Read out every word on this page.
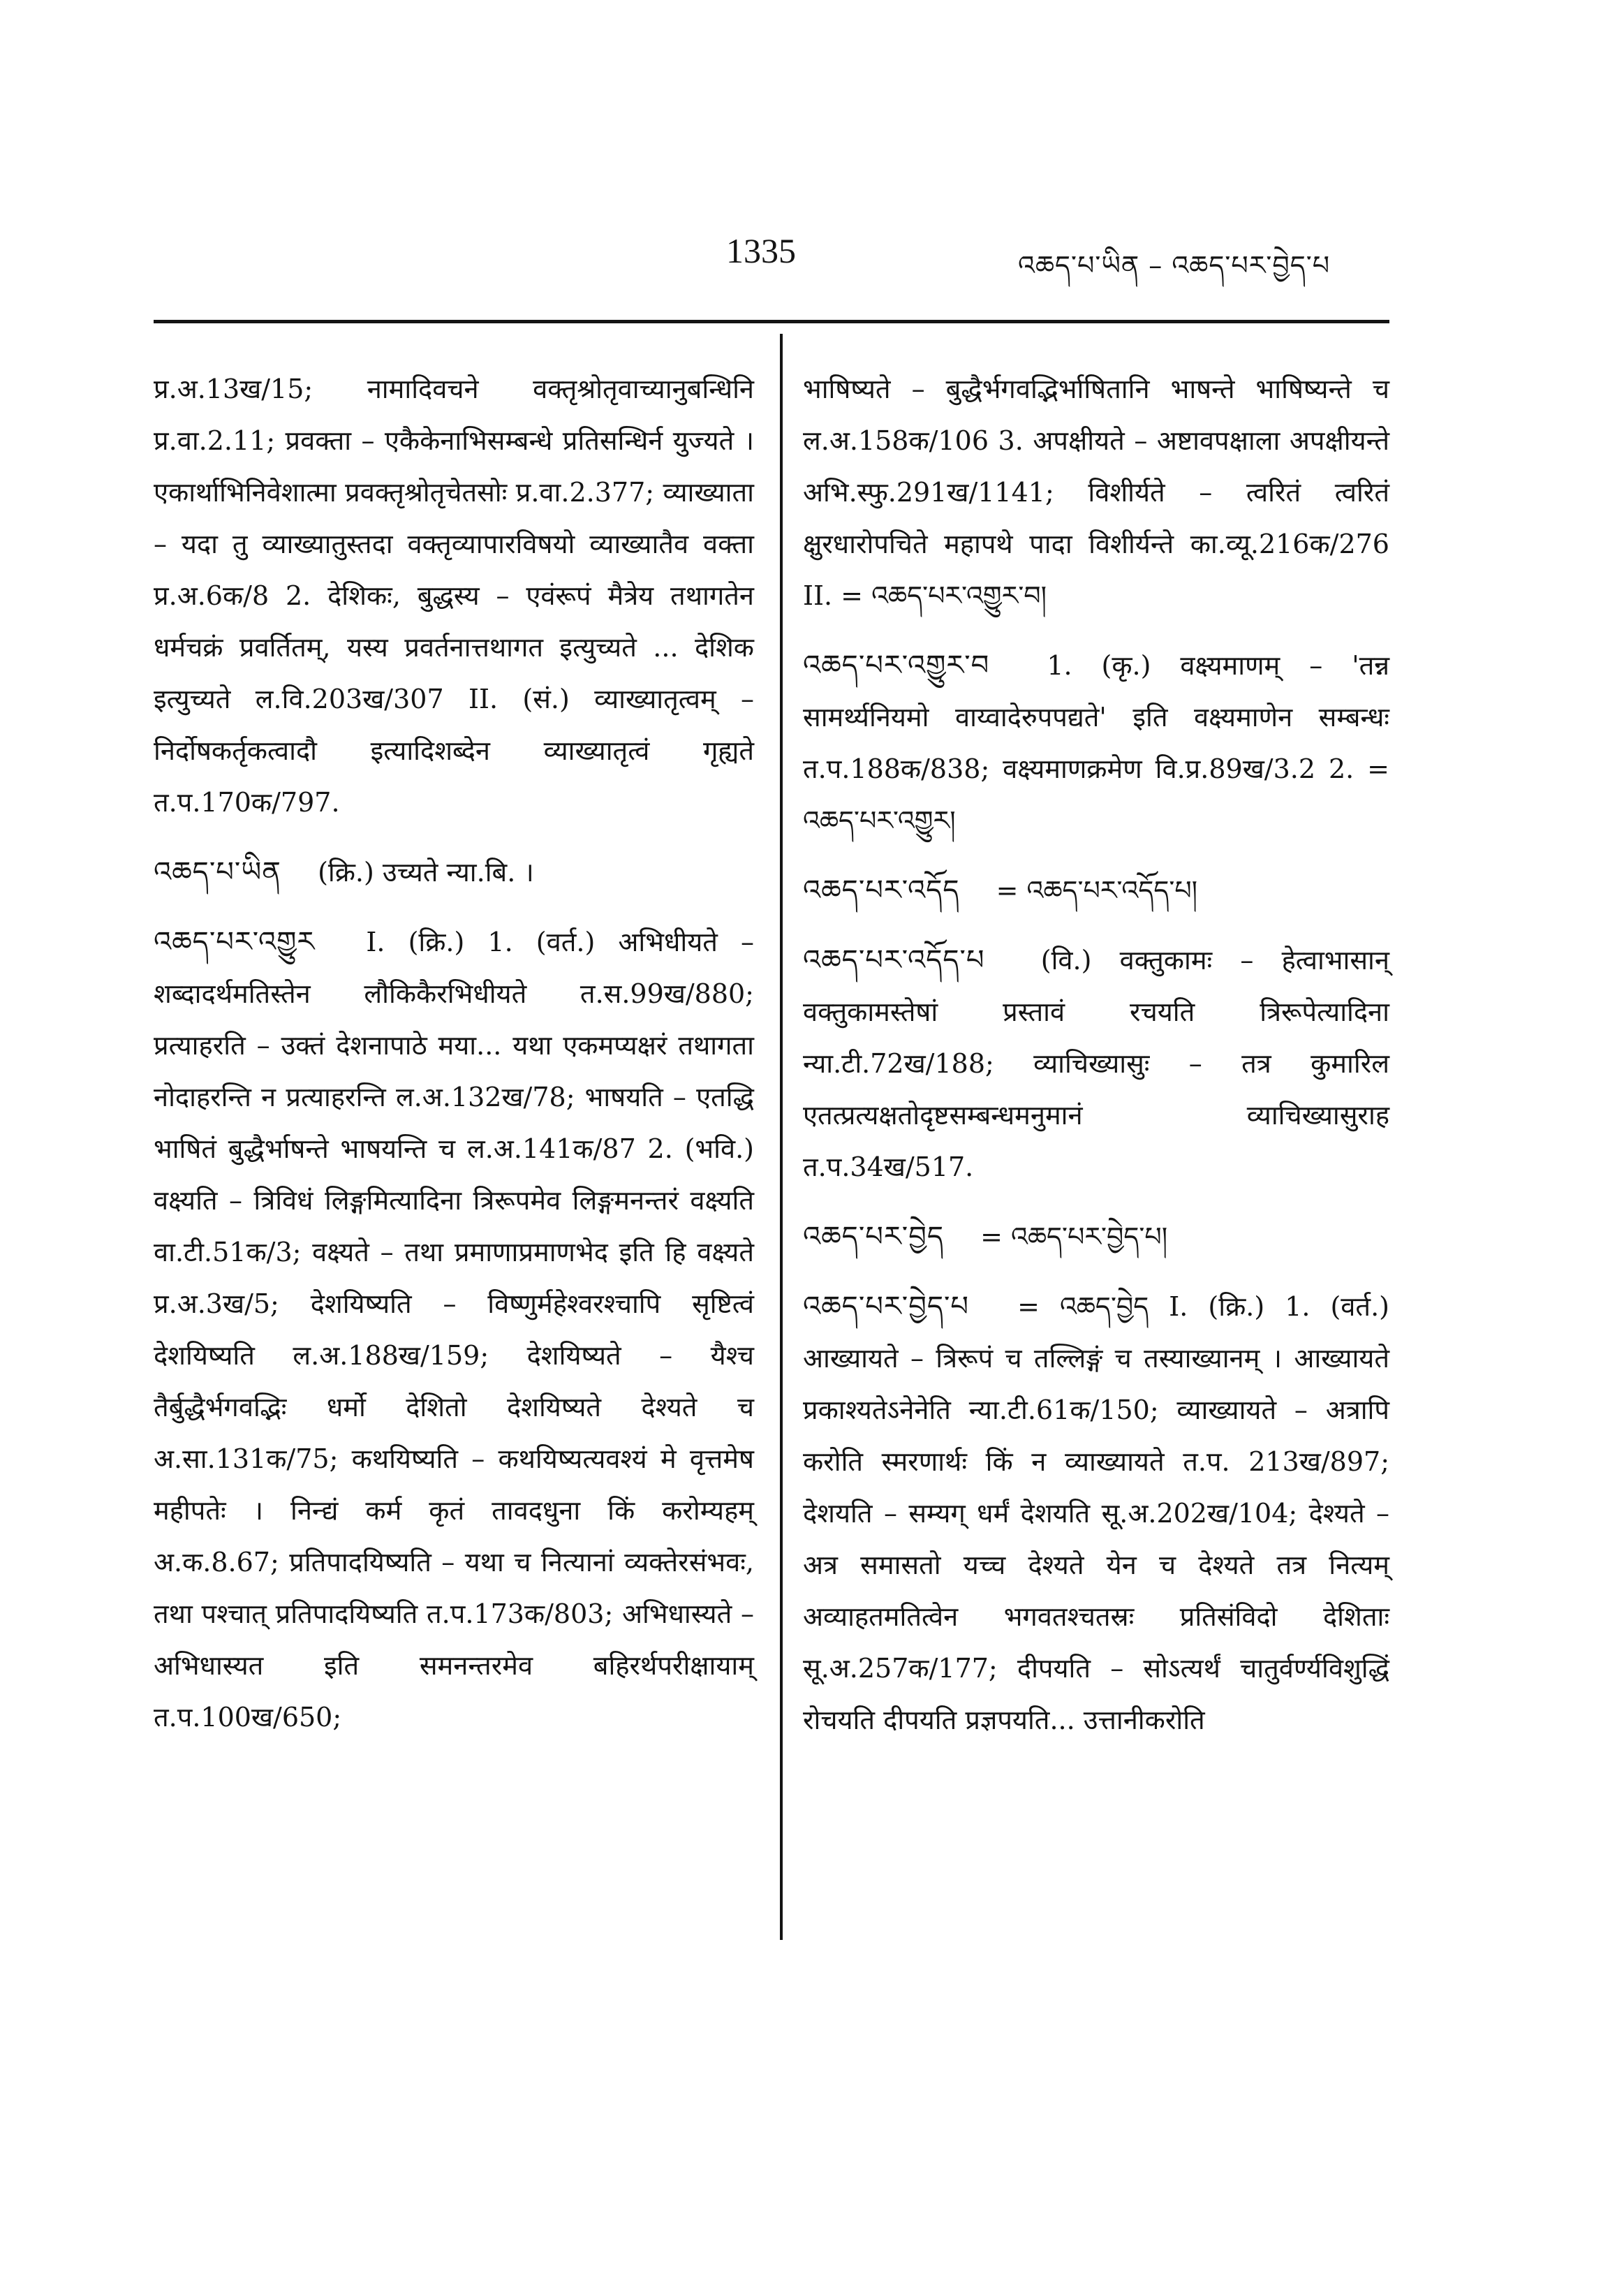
1335	འཆད་པ་ཡིན – འཆད་པར་བྱེད་པ
प्र.अ.13ख/15; नामादिवचने वक्तृश्रोतृवाच्यानुबन्धिनि प्र.वा.2.11; प्रवक्ता – एकैकेनाभिसम्बन्धे प्रतिसन्धिर्न युज्यते । एकार्थाभिनिवेशात्मा प्रवक्तृश्रोतृचेतसोः प्र.वा.2.377; व्याख्याता – यदा तु व्याख्यातुस्तदा वक्तृव्यापारविषयो व्याख्यातैव वक्ता प्र.अ.6क/8 2. देशिकः, बुद्धस्य – एवंरूपं मैत्रेय तथागतेन धर्मचक्रं प्रवर्तितम्, यस्य प्रवर्तनात्तथागत इत्युच्यते ... देशिक इत्युच्यते ल.वि.203ख/307 II. (सं.) व्याख्यातृत्वम् – निर्दोषकर्तृकत्वादौ इत्यादिशब्देन व्याख्यातृत्वं गृह्यते त.प.170क/797.
འཆད་པ་ཡིན (क्रि.) उच्यते न्या.बि. ।
འཆད་པར་འགྱུར I. (क्रि.) 1. (वर्त.) अभिधीयते – शब्दादर्थमतिस्तेन लौकिकैरभिधीयते त.स.99ख/880; प्रत्याहरति – उक्तं देशनापाठे मया... यथा एकमप्यक्षरं तथागता नोदाहरन्ति न प्रत्याहरन्ति ल.अ.132ख/78; भाषयति – एतद्धि भाषितं बुद्धैर्भाषन्ते भाषयन्ति च ल.अ.141क/87 2. (भवि.) वक्ष्यति – त्रिविधं लिङ्गमित्यादिना त्रिरूपमेव लिङ्गमनन्तरं वक्ष्यति वा.टी.51क/3; वक्ष्यते – तथा प्रमाणाप्रमाणभेद इति हि वक्ष्यते प्र.अ.3ख/5; देशयिष्यति – विष्णुर्महेश्वरश्चापि सृष्टित्वं देशयिष्यति ल.अ.188ख/159; देशयिष्यते – यैश्च तैर्बुद्धैर्भगवद्भिः धर्मो देशितो देशयिष्यते देश्यते च अ.सा.131क/75; कथयिष्यति – कथयिष्यत्यवश्यं मे वृत्तमेष महीपतेः । निन्द्यं कर्म कृतं तावदधुना किं करोम्यहम् अ.क.8.67; प्रतिपादयिष्यति – यथा च नित्यानां व्यक्तेरसंभवः, तथा पश्चात् प्रतिपादयिष्यति त.प.173क/803; अभिधास्यते – अभिधास्यत इति समनन्तरमेव बहिरर्थपरीक्षायाम् त.प.100ख/650;
भाषिष्यते – बुद्धैर्भगवद्भिर्भाषितानि भाषन्ते भाषिष्यन्ते च ल.अ.158क/106 3. अपक्षीयते – अष्टावपक्षाला अपक्षीयन्ते अभि.स्फु.291ख/1141; विशीर्यते – त्वरितं त्वरितं क्षुरधारोपचिते महापथे पादा विशीर्यन्ते का.व्यू.216क/276 II. = འཆད་པར་འགྱུར་བ།
འཆད་པར་འགྱུར་བ 1. (कृ.) वक्ष्यमाणम् – 'तन्न सामर्थ्यनियमो वाय्वादेरुपपद्यते' इति वक्ष्यमाणेन सम्बन्धः त.प.188क/838; वक्ष्यमाणक्रमेण वि.प्र.89ख/3.2 2. = འཆད་པར་འགྱུར།
འཆད་པར་འདོད = འཆད་པར་འདོད་པ།
འཆད་པར་འདོད་པ (वि.) वक्तुकामः – हेत्वाभासान् वक्तुकामस्तेषां प्रस्तावं रचयति त्रिरूपेत्यादिना न्या.टी.72ख/188; व्याचिख्यासुः – तत्र कुमारिल एतत्प्रत्यक्षतोदृष्टसम्बन्धमनुमानं व्याचिख्यासुराह त.प.34ख/517.
འཆད་པར་བྱེད = འཆད་པར་བྱེད་པ།
འཆད་པར་བྱེད་པ = འཆད་བྱེད I. (क्रि.) 1. (वर्त.) आख्यायते – त्रिरूपं च तल्लिङ्गं च तस्याख्यानम् । आख्यायते प्रकाश्यतेऽनेनेति न्या.टी.61क/150; व्याख्यायते – अत्रापि करोति स्मरणार्थः किं न व्याख्यायते त.प. 213ख/897; देशयति – सम्यग् धर्मं देशयति सू.अ.202ख/104; देश्यते – अत्र समासतो यच्च देश्यते येन च देश्यते तत्र नित्यम् अव्याहतमतित्वेन भगवतश्चतस्रः प्रतिसंविदो देशिताः सू.अ.257क/177; दीपयति – सोऽत्यर्थं चातुर्वर्ण्यविशुद्धिं रोचयति दीपयति प्रज्ञपयति... उत्तानीकरोति
